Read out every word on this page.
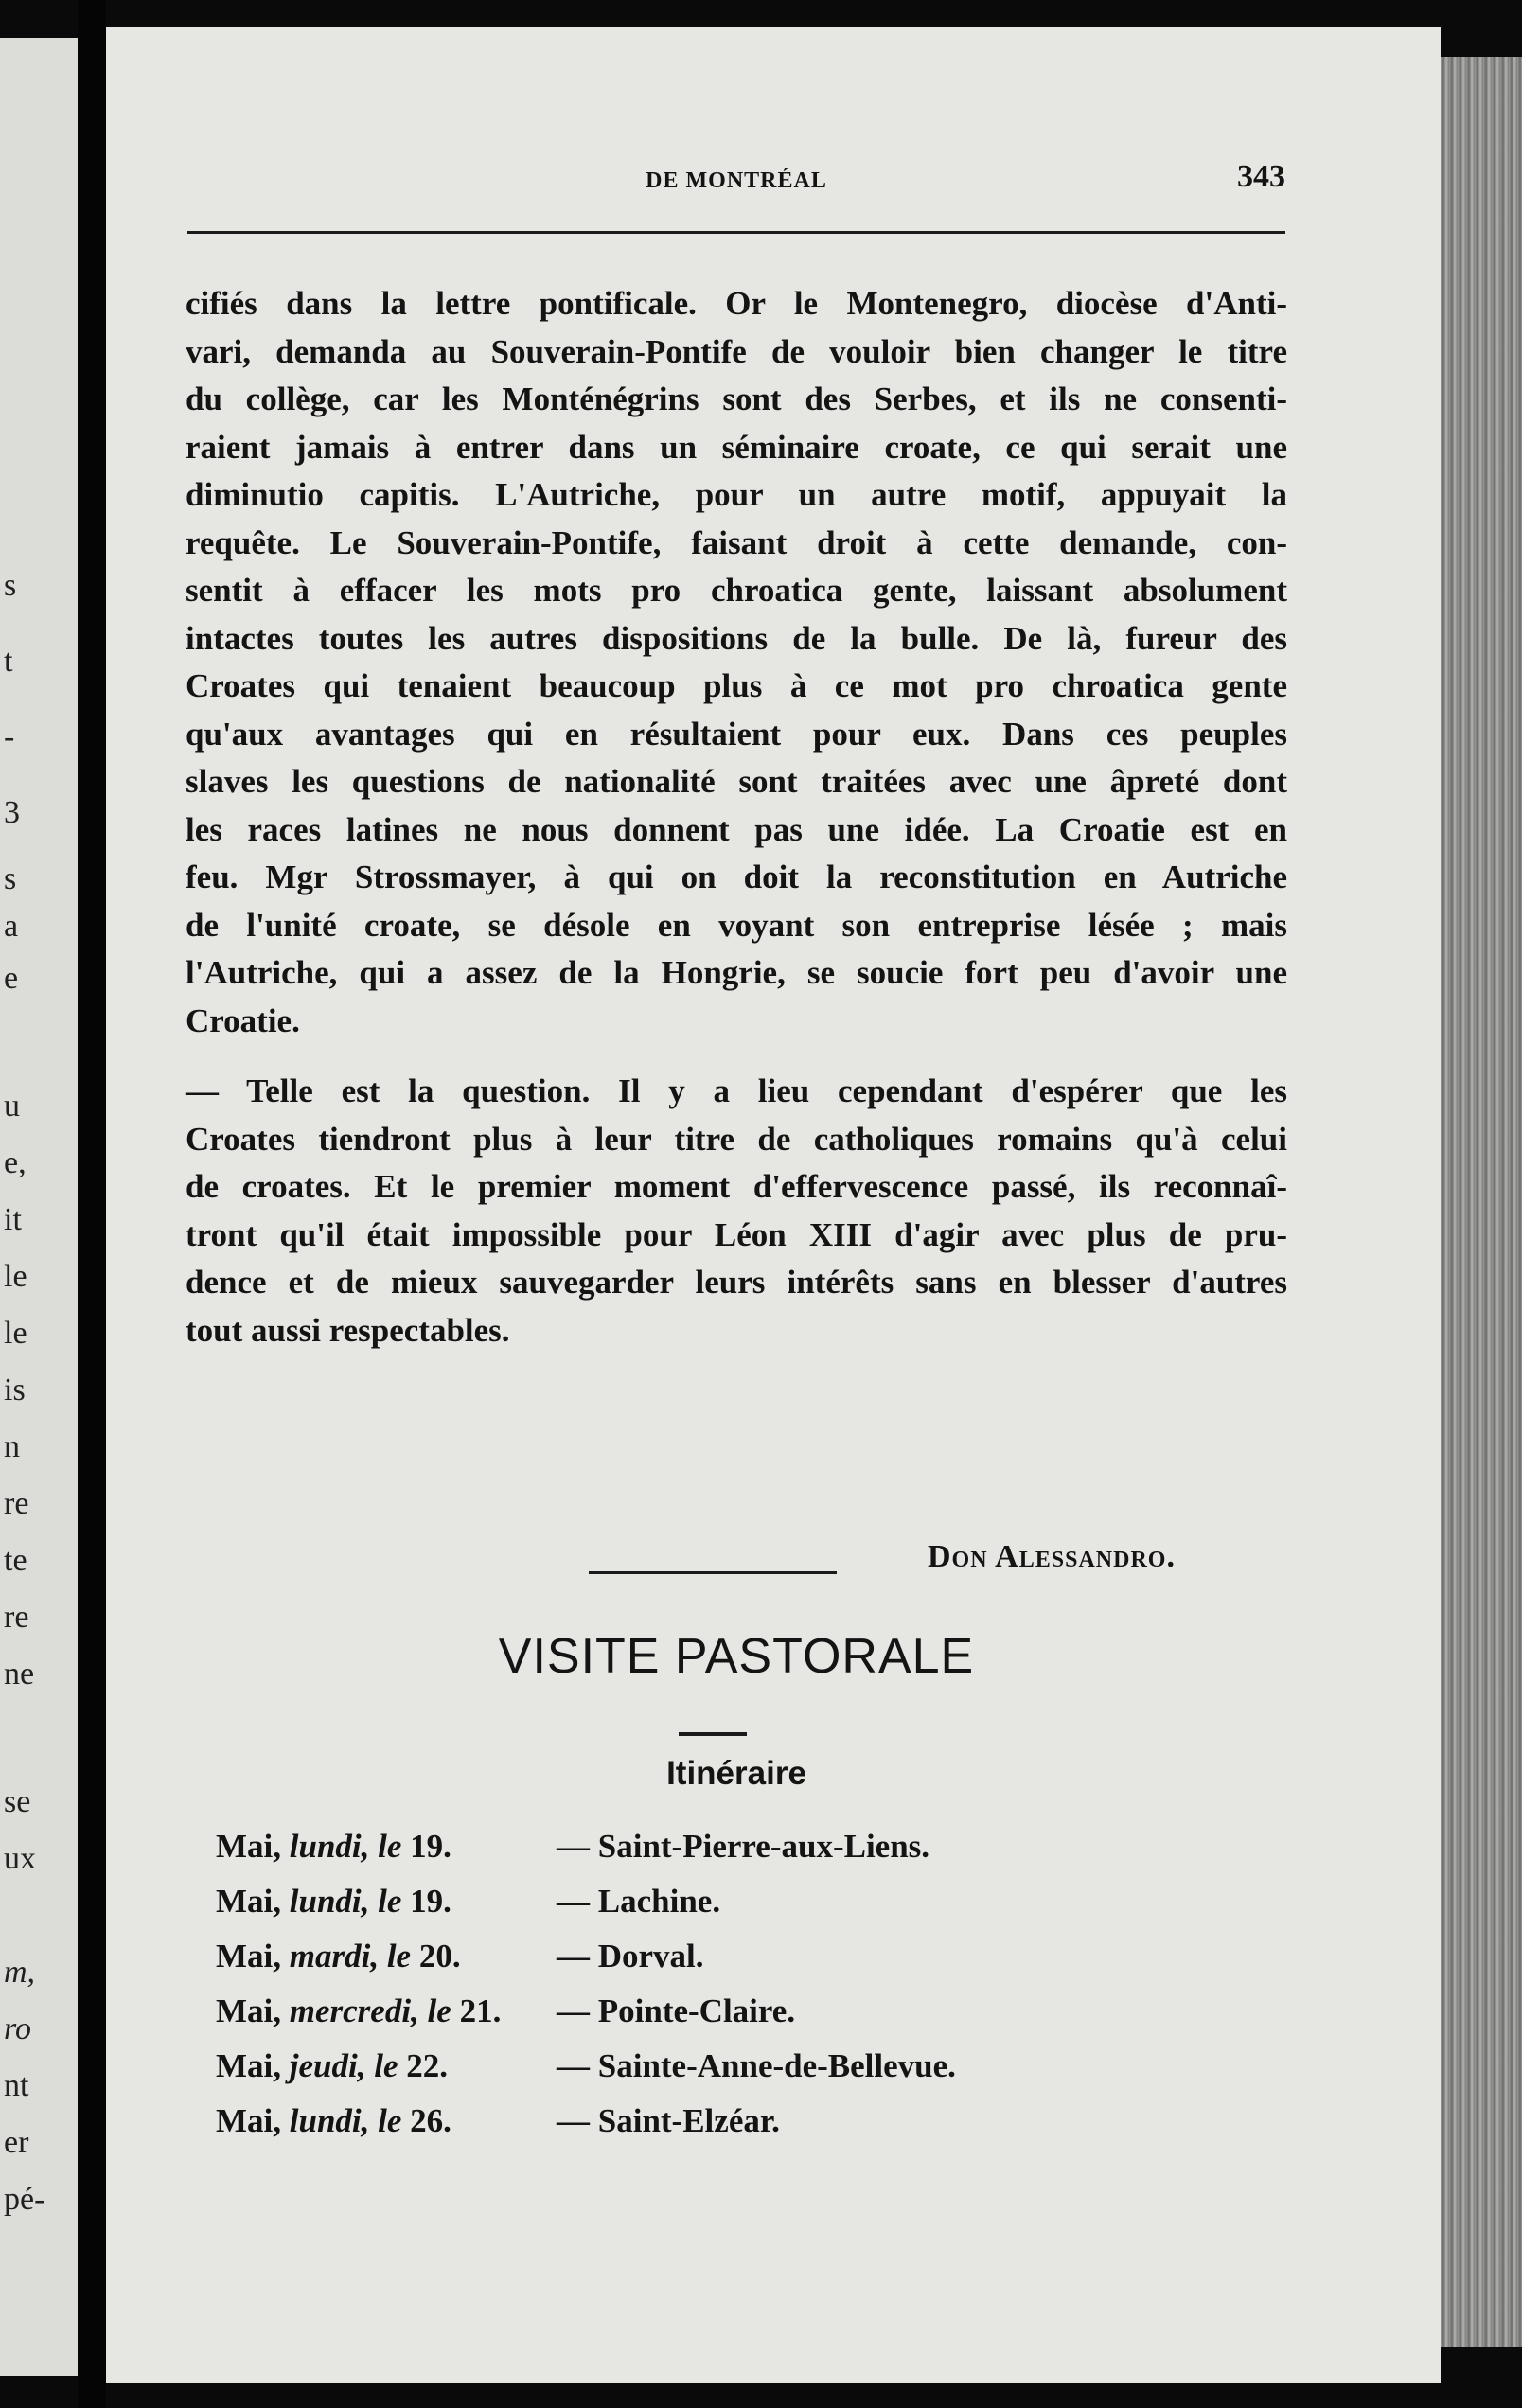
s
t
-
3
s
a
e
u
e,
it
le
le
is
n
re
te
re
ne
se
ux
m,
ro
nt
er
pé-
DE MONTRÉAL	343

cifiés dans la lettre pontificale. Or le Montenegro, diocèse d'Anti-

vari, demanda au Souverain-Pontife de vouloir bien changer le titre

du collège, car les Monténégrins sont des Serbes, et ils ne consenti-

raient jamais à entrer dans un séminaire croate, ce qui serait une

diminutio capitis. L'Autriche, pour un autre motif, appuyait la

requête. Le Souverain-Pontife, faisant droit à cette demande, con-

sentit à effacer les mots pro chroatica gente, laissant absolument

intactes toutes les autres dispositions de la bulle. De là, fureur des

Croates qui tenaient beaucoup plus à ce mot pro chroatica gente

qu'aux avantages qui en résultaient pour eux. Dans ces peuples

slaves les questions de nationalité sont traitées avec une âpreté dont

les races latines ne nous donnent pas une idée. La Croatie est en

feu. Mgr Strossmayer, à qui on doit la reconstitution en Autriche

de l'unité croate, se désole en voyant son entreprise lésée ; mais

l'Autriche, qui a assez de la Hongrie, se soucie fort peu d'avoir une

Croatie.

— Telle est la question. Il y a lieu cependant d'espérer que les

Croates tiendront plus à leur titre de catholiques romains qu'à celui

de croates. Et le premier moment d'effervescence passé, ils reconnaî-

tront qu'il était impossible pour Léon XIII d'agir avec plus de pru-

dence et de mieux sauvegarder leurs intérêts sans en blesser d'autres

tout aussi respectables.

Don Alessandro.
VISITE PASTORALE
Itinéraire
Mai, lundi, le 19.	— Saint-Pierre-aux-Liens.
Mai, lundi, le 19.	— Lachine.
Mai, mardi, le 20.	— Dorval.
Mai, mercredi, le 21.	— Pointe-Claire.
Mai, jeudi, le 22.	— Sainte-Anne-de-Bellevue.
Mai, lundi, le 26.	— Saint-Elzéar.
